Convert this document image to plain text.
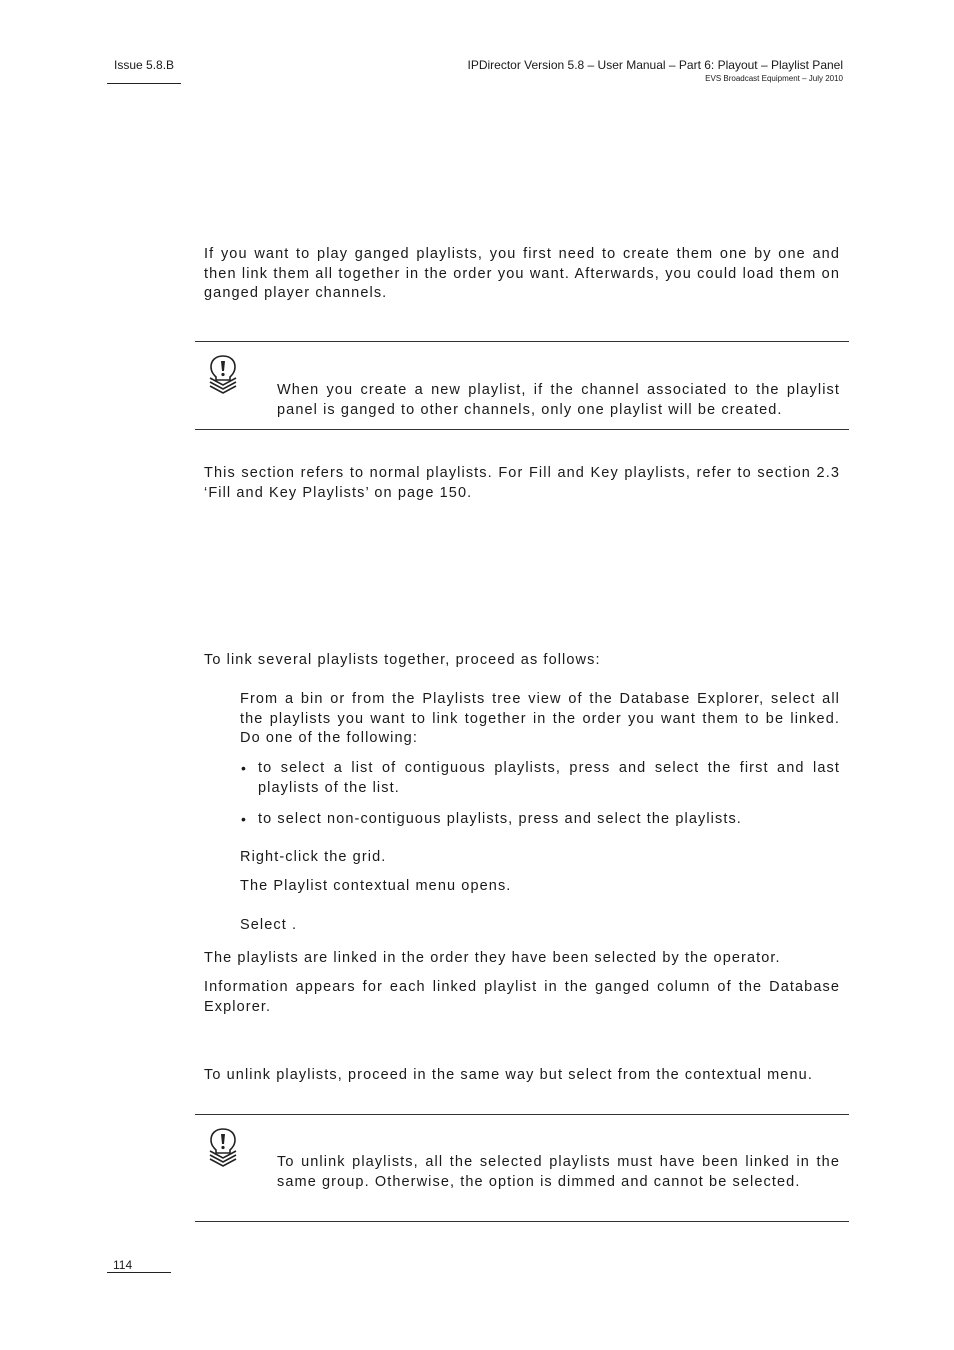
Issue 5.8.B	IPDirector Version 5.8 – User Manual – Part 6: Playout – Playlist Panel
EVS Broadcast Equipment – July 2010
If you want to play ganged playlists, you first need to create them one by one and then link them all together in the order you want. Afterwards, you could load them on ganged player channels.
When you create a new playlist, if the channel associated to the playlist panel is ganged to other channels, only one playlist will be created.
This section refers to normal playlists. For Fill and Key playlists, refer to section 2.3 ‘Fill and Key Playlists’ on page 150.
To link several playlists together, proceed as follows:
From a bin or from the Playlists tree view of the Database Explorer, select all the playlists you want to link together in the order you want them to be linked. Do one of the following:
• to select a list of contiguous playlists, press and select the first and last playlists of the list.
• to select non-contiguous playlists, press and select the playlists.
Right-click the grid.
The Playlist contextual menu opens.
Select .
The playlists are linked in the order they have been selected by the operator.
Information appears for each linked playlist in the ganged column of the Database Explorer.
To unlink playlists, proceed in the same way but select from the contextual menu.
To unlink playlists, all the selected playlists must have been linked in the same group. Otherwise, the option is dimmed and cannot be selected.
114
